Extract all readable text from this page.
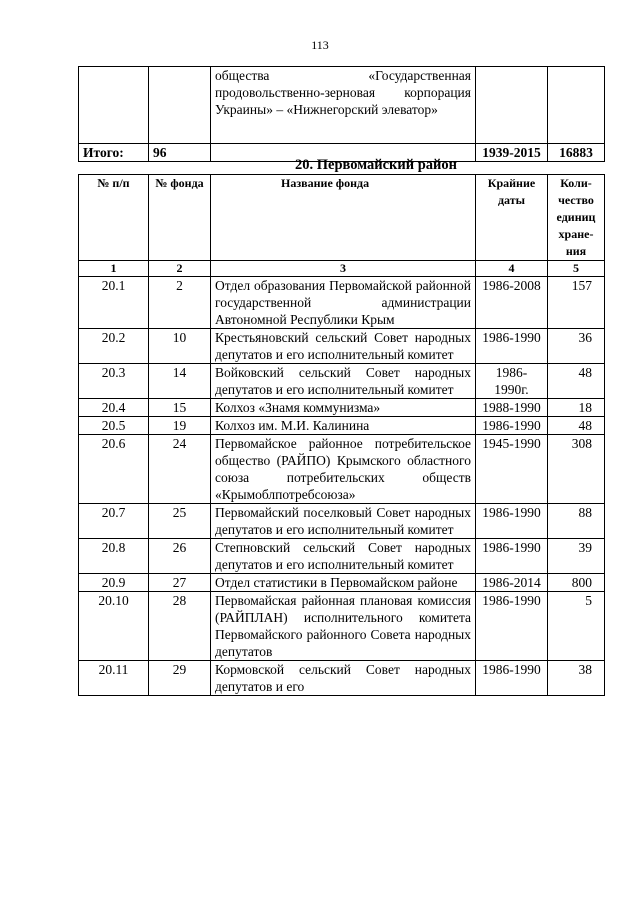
113
		общества «Государственная продовольственно-зерновая корпорация Украины» – «Нижнегорский элеватор»		
Итого:	96		1939-2015	16883
20. Первомайский район
№ п/п	№ фонда	Название фонда	Крайние даты	Коли-чество единиц хране-ния
1	2	3	4	5
20.1	2	Отдел образования Первомайской районной государственной администрации Автономной Республики Крым	1986-2008	157
20.2	10	Крестьяновский сельский Совет народных депутатов и его исполнительный комитет	1986-1990	36
20.3	14	Войковский сельский Совет народных депутатов и его исполнительный комитет	1986-1990г.	48
20.4	15	Колхоз «Знамя коммунизма»	1988-1990	18
20.5	19	Колхоз им. М.И. Калинина	1986-1990	48
20.6	24	Первомайское районное потребительское общество (РАЙПО) Крымского областного союза потребительских обществ «Крымоблпотребсоюза»	1945-1990	308
20.7	25	Первомайский поселковый Совет народных депутатов и его исполнительный комитет	1986-1990	88
20.8	26	Степновский сельский Совет народных депутатов и его исполнительный комитет	1986-1990	39
20.9	27	Отдел статистики в Первомайском районе	1986-2014	800
20.10	28	Первомайская районная плановая комиссия (РАЙПЛАН) исполнительного комитета Первомайского районного Совета народных депутатов	1986-1990	5
20.11	29	Кормовской сельский Совет народных депутатов и его	1986-1990	38
